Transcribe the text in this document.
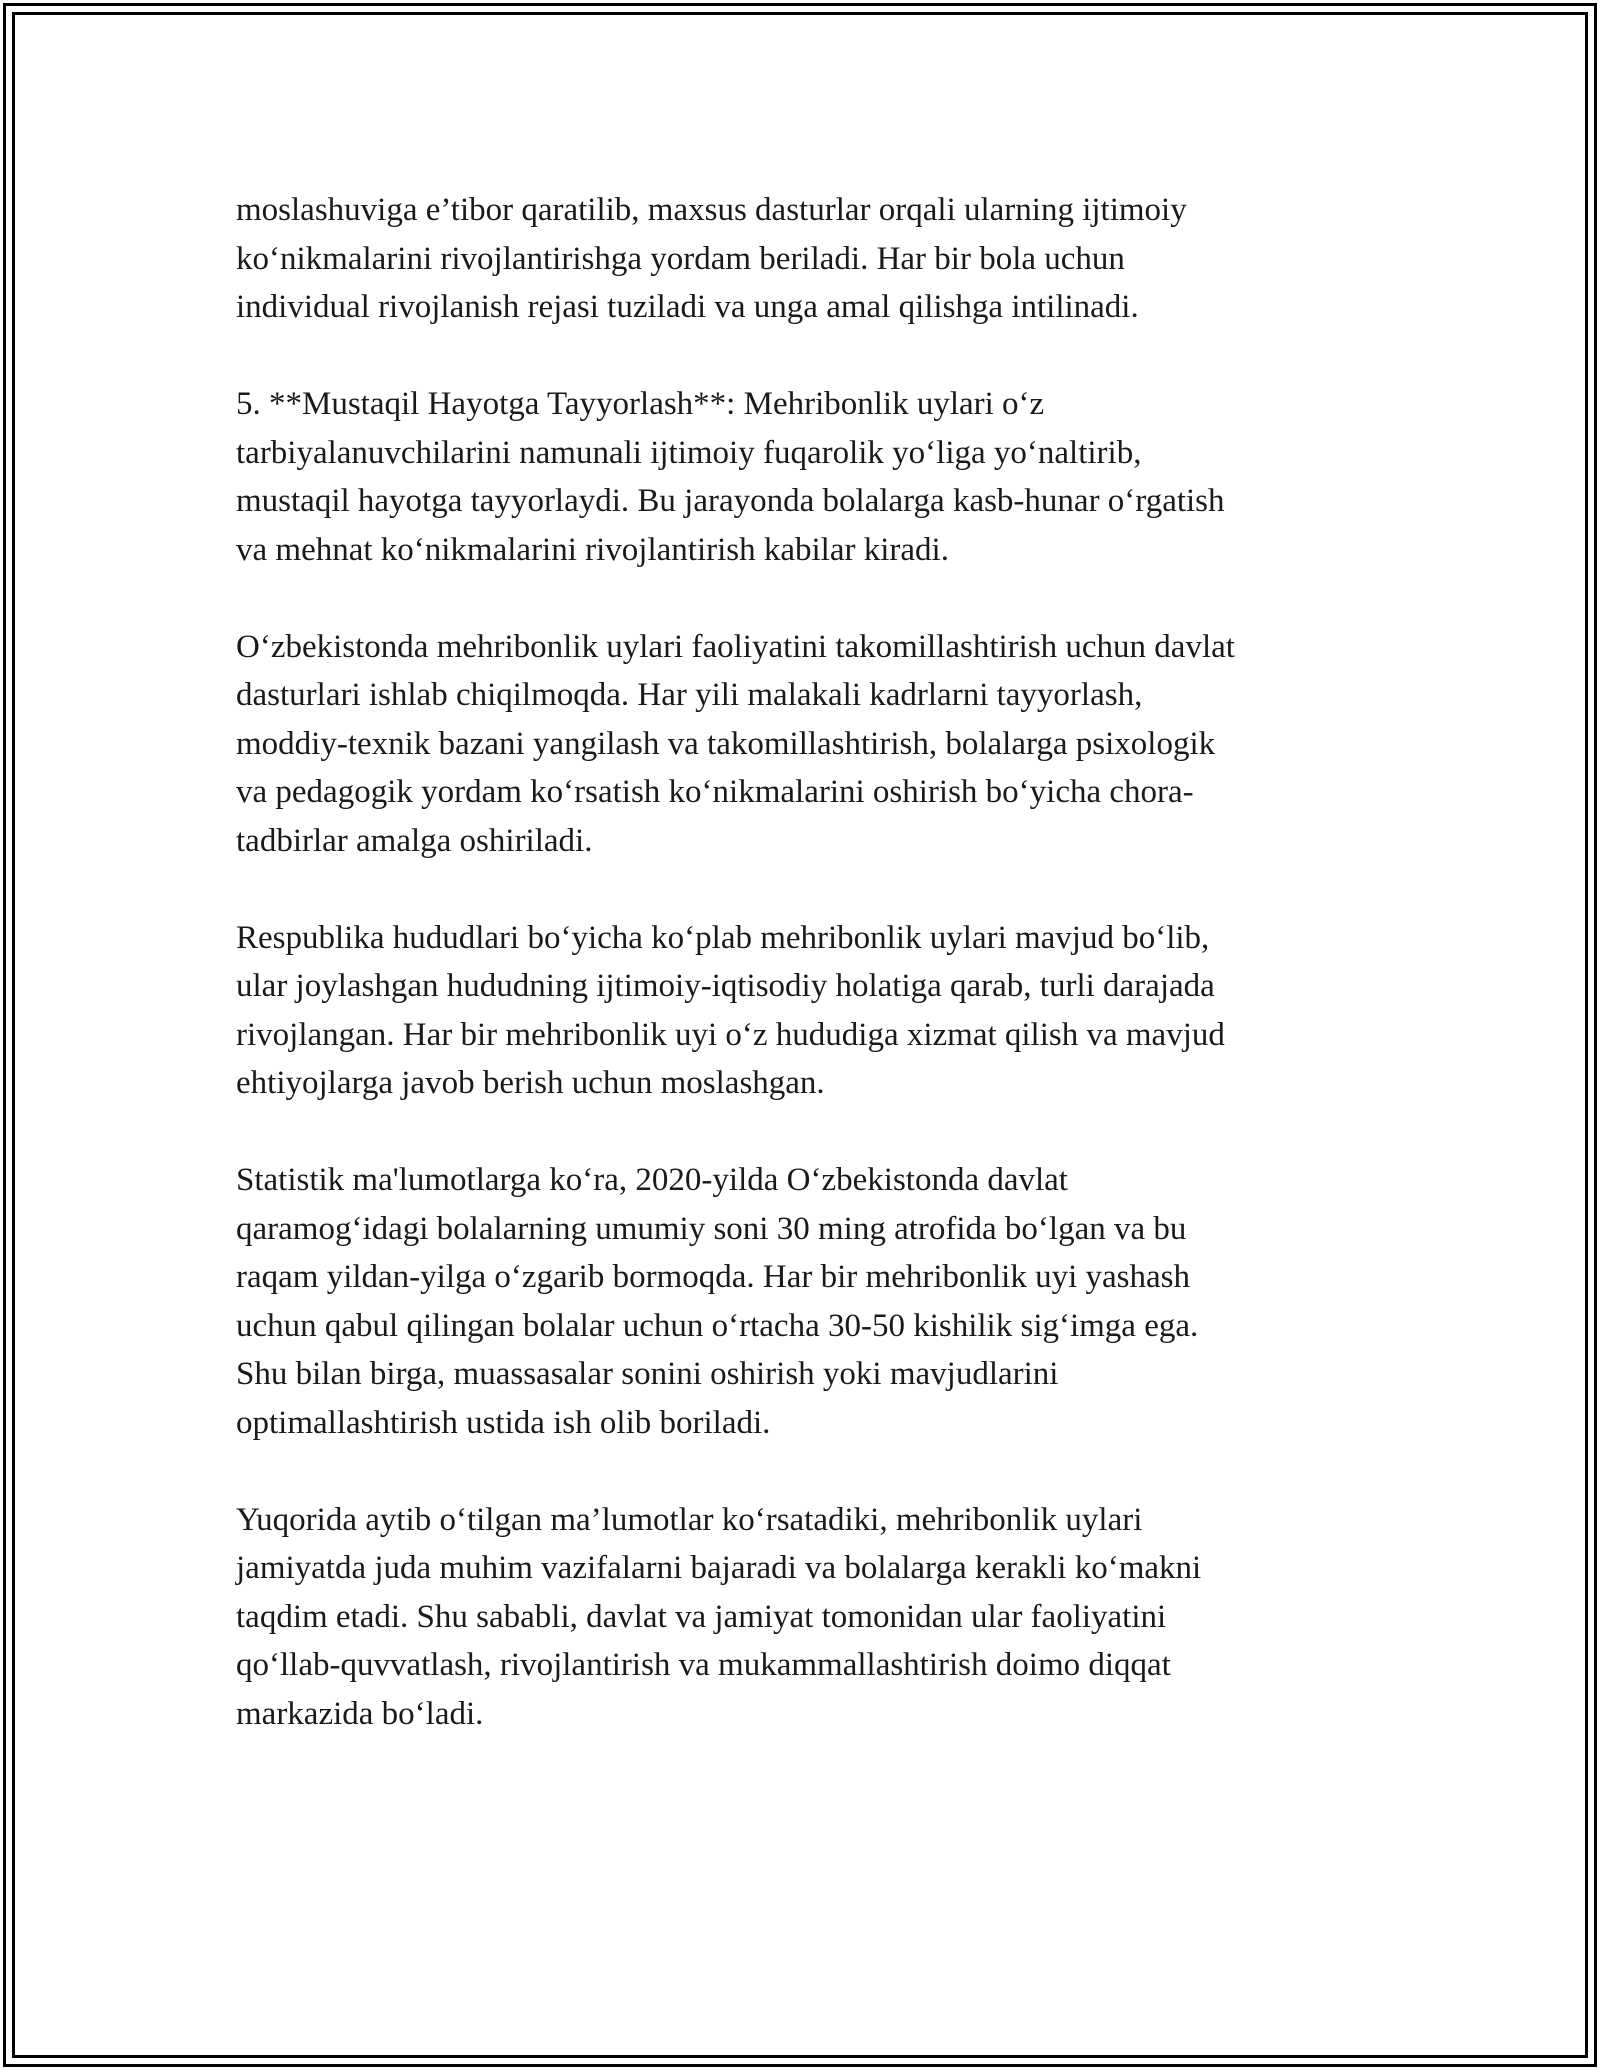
moslashuviga e’tibor qaratilib, maxsus dasturlar orqali ularning ijtimoiy
koʻnikmalarini rivojlantirishga yordam beriladi. Har bir bola uchun
individual rivojlanish rejasi tuziladi va unga amal qilishga intilinadi.

5. **Mustaqil Hayotga Tayyorlash**: Mehribonlik uylari oʻz
tarbiyalanuvchilarini namunali ijtimoiy fuqarolik yoʻliga yoʻnaltirib,
mustaqil hayotga tayyorlaydi. Bu jarayonda bolalarga kasb-hunar oʻrgatish
va mehnat koʻnikmalarini rivojlantirish kabilar kiradi.

Oʻzbekistonda mehribonlik uylari faoliyatini takomillashtirish uchun davlat
dasturlari ishlab chiqilmoqda. Har yili malakali kadrlarni tayyorlash,
moddiy-texnik bazani yangilash va takomillashtirish, bolalarga psixologik
va pedagogik yordam koʻrsatish koʻnikmalarini oshirish boʻyicha chora-
tadbirlar amalga oshiriladi.

Respublika hududlari boʻyicha koʻplab mehribonlik uylari mavjud boʻlib,
ular joylashgan hududning ijtimoiy-iqtisodiy holatiga qarab, turli darajada
rivojlangan. Har bir mehribonlik uyi oʻz hududiga xizmat qilish va mavjud
ehtiyojlarga javob berish uchun moslashgan.

Statistik ma'lumotlarga koʻra, 2020-yilda Oʻzbekistonda davlat
qaramogʻidagi bolalarning umumiy soni 30 ming atrofida boʻlgan va bu
raqam yildan-yilga oʻzgarib bormoqda. Har bir mehribonlik uyi yashash
uchun qabul qilingan bolalar uchun oʻrtacha 30-50 kishilik sigʻimga ega.
Shu bilan birga, muassasalar sonini oshirish yoki mavjudlarini
optimallashtirish ustida ish olib boriladi.

Yuqorida aytib oʻtilgan ma’lumotlar koʻrsatadiki, mehribonlik uylari
jamiyatda juda muhim vazifalarni bajaradi va bolalarga kerakli koʻmakni
taqdim etadi. Shu sababli, davlat va jamiyat tomonidan ular faoliyatini
qoʻllab-quvvatlash, rivojlantirish va mukammallashtirish doimo diqqat
markazida boʻladi.
